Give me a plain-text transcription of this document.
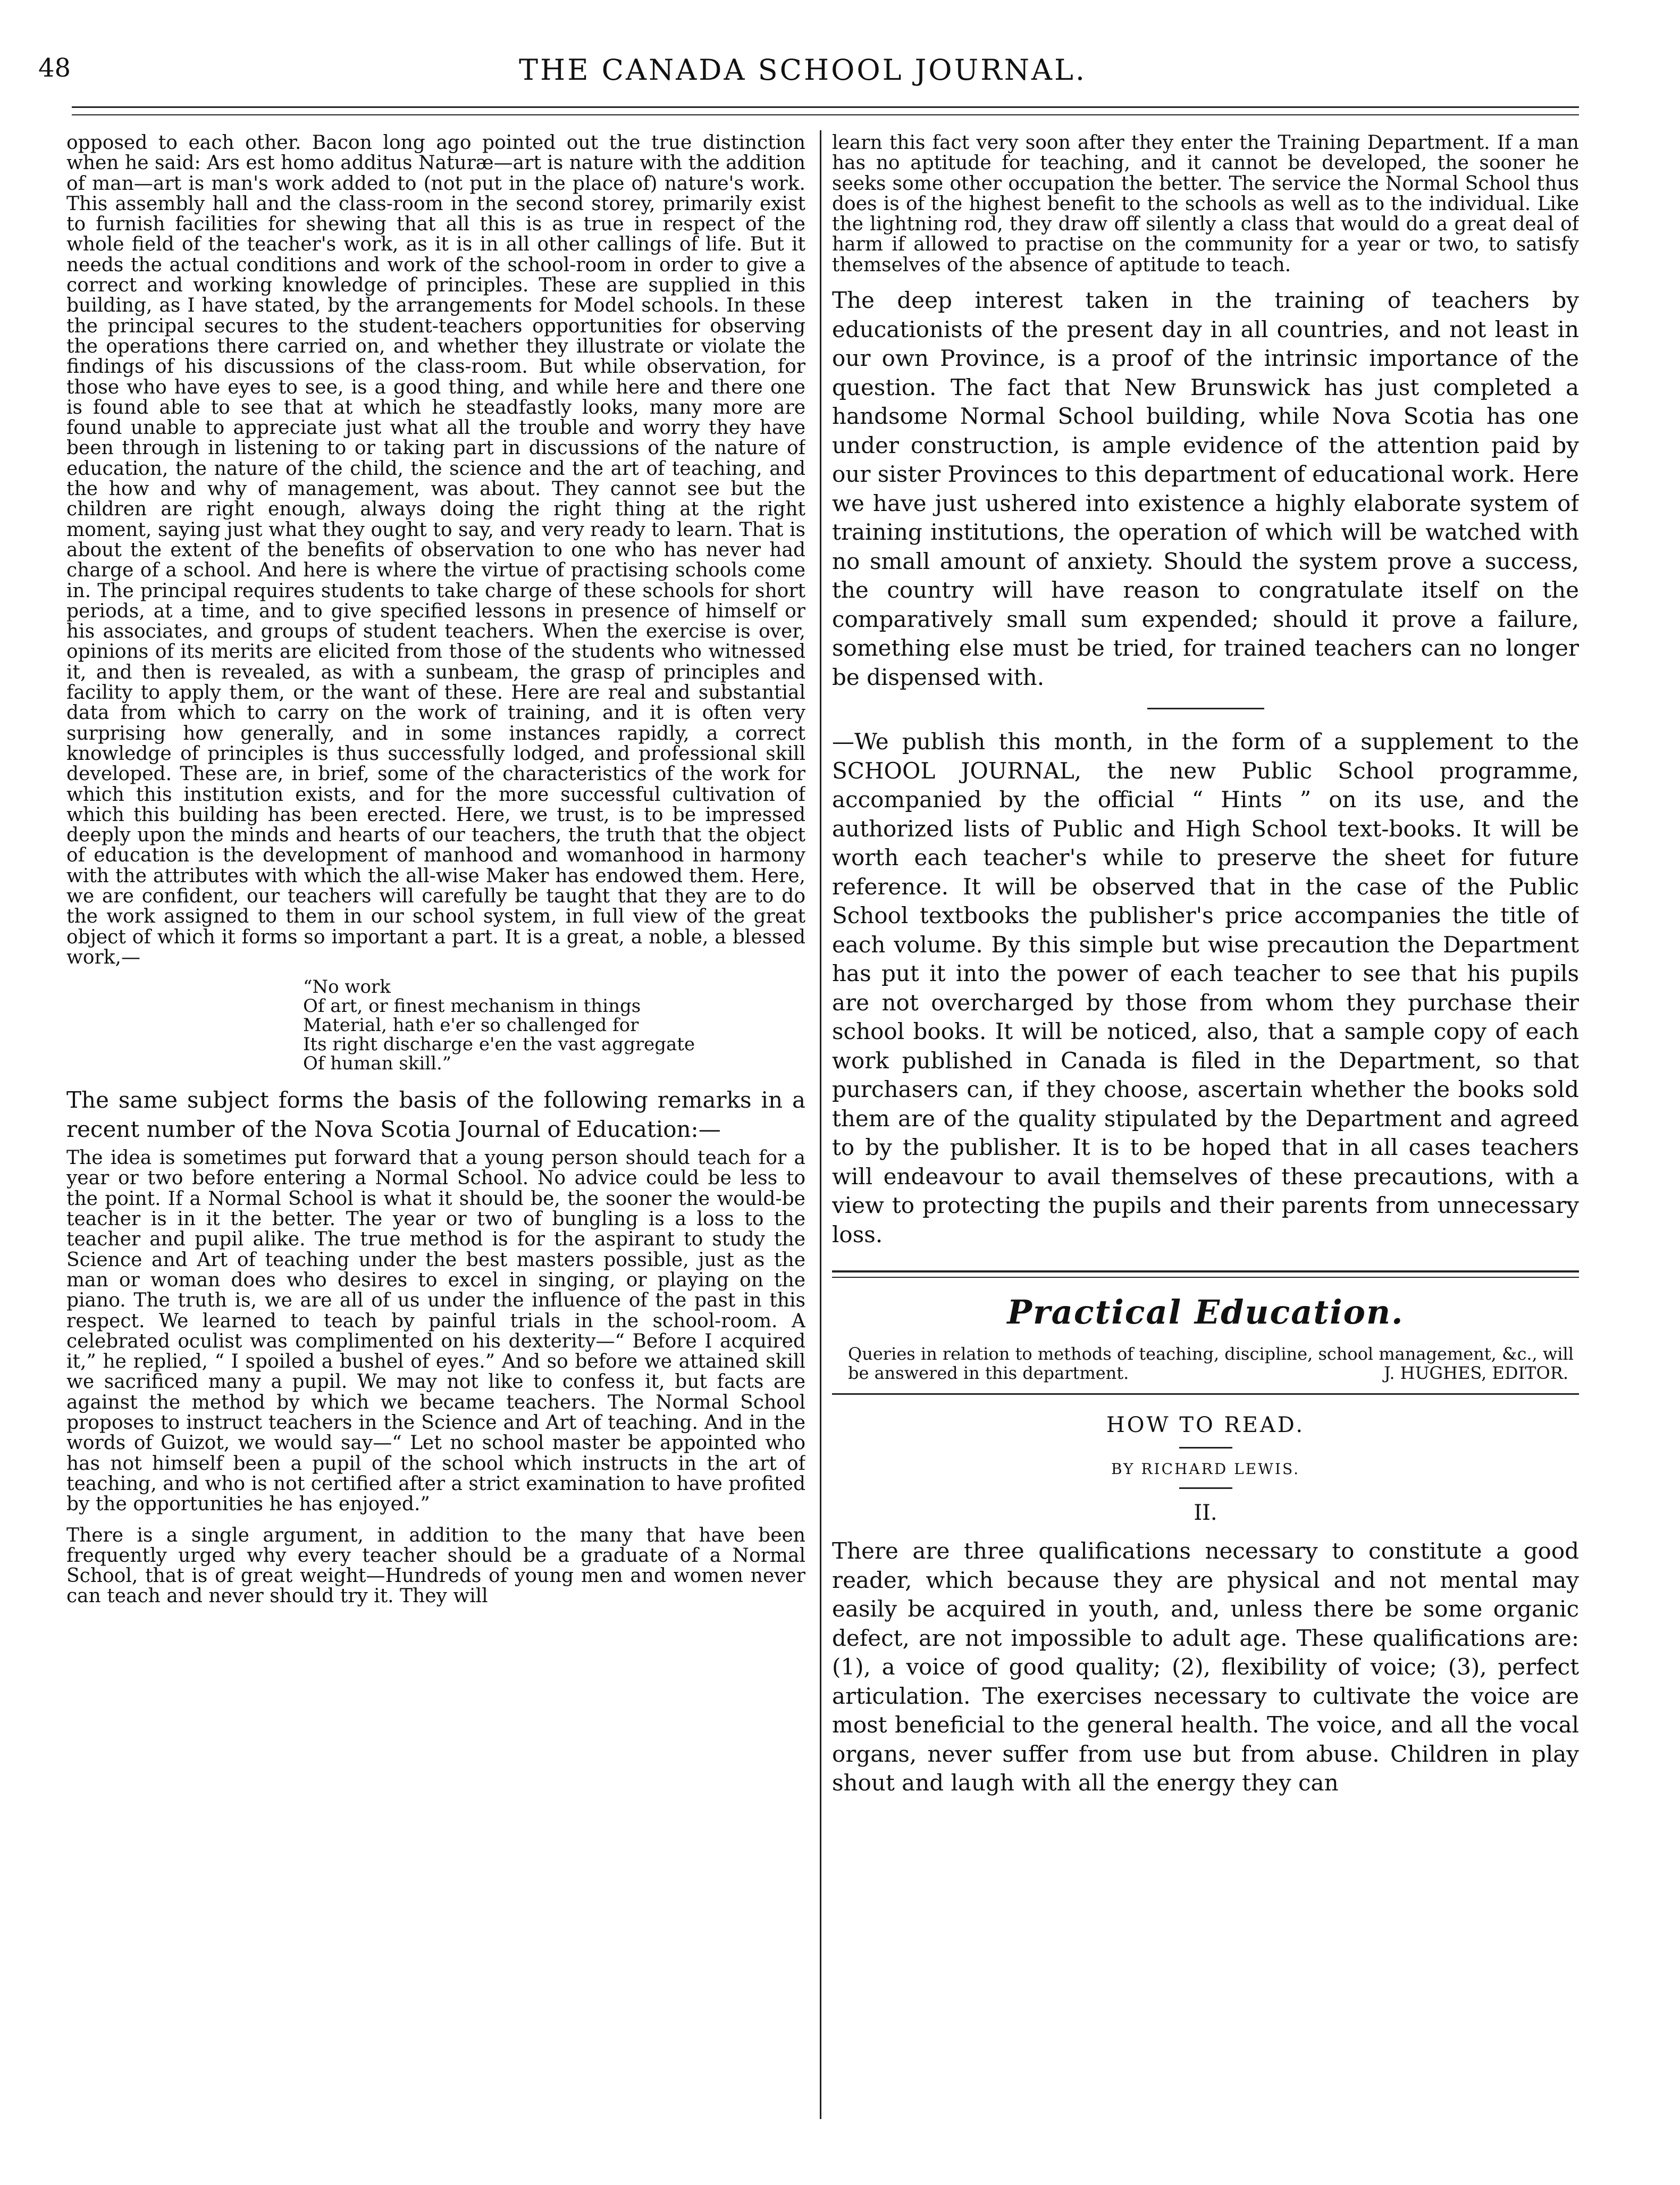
48	THE CANADA SCHOOL JOURNAL.

opposed to each other. Bacon long ago pointed out the true distinction when he said: Ars est homo additus Naturæ—art is nature with the addition of man—art is man's work added to (not put in the place of) nature's work. This assembly hall and the class-room in the second storey, primarily exist to furnish facilities for shewing that all this is as true in respect of the whole field of the teacher's work, as it is in all other callings of life. But it needs the actual conditions and work of the school-room in order to give a correct and working knowledge of principles. These are supplied in this building, as I have stated, by the arrangements for Model schools. In these the principal secures to the student-teachers opportunities for observing the operations there carried on, and whether they illustrate or violate the findings of his discussions of the class-room. But while observation, for those who have eyes to see, is a good thing, and while here and there one is found able to see that at which he steadfastly looks, many more are found unable to appreciate just what all the trouble and worry they have been through in listening to or taking part in discussions of the nature of education, the nature of the child, the science and the art of teaching, and the how and why of management, was about. They cannot see but the children are right enough, always doing the right thing at the right moment, saying just what they ought to say, and very ready to learn. That is about the extent of the benefits of observation to one who has never had charge of a school. And here is where the virtue of practising schools come in. The principal requires students to take charge of these schools for short periods, at a time, and to give specified lessons in presence of himself or his associates, and groups of student teachers. When the exercise is over, opinions of its merits are elicited from those of the students who witnessed it, and then is revealed, as with a sunbeam, the grasp of principles and facility to apply them, or the want of these. Here are real and substantial data from which to carry on the work of training, and it is often very surprising how generally, and in some instances rapidly, a correct knowledge of principles is thus successfully lodged, and professional skill developed. These are, in brief, some of the characteristics of the work for which this institution exists, and for the more successful cultivation of which this building has been erected. Here, we trust, is to be impressed deeply upon the minds and hearts of our teachers, the truth that the object of education is the development of manhood and womanhood in harmony with the attributes with which the all-wise Maker has endowed them. Here, we are confident, our teachers will carefully be taught that they are to do the work assigned to them in our school system, in full view of the great object of which it forms so important a part. It is a great, a noble, a blessed work,—

“No work
Of art, or finest mechanism in things
Material, hath e'er so challenged for
Its right discharge e'en the vast aggregate
Of human skill.”

The same subject forms the basis of the following remarks in a recent number of the Nova Scotia Journal of Education:—

The idea is sometimes put forward that a young person should teach for a year or two before entering a Normal School. No advice could be less to the point. If a Normal School is what it should be, the sooner the would-be teacher is in it the better. The year or two of bungling is a loss to the teacher and pupil alike. The true method is for the aspirant to study the Science and Art of teaching under the best masters possible, just as the man or woman does who desires to excel in singing, or playing on the piano. The truth is, we are all of us under the influence of the past in this respect. We learned to teach by painful trials in the school-room. A celebrated oculist was complimented on his dexterity—“ Before I acquired it,” he replied, “ I spoiled a bushel of eyes.” And so before we attained skill we sacrificed many a pupil. We may not like to confess it, but facts are against the method by which we became teachers. The Normal School proposes to instruct teachers in the Science and Art of teaching. And in the words of Guizot, we would say—“ Let no school master be appointed who has not himself been a pupil of the school which instructs in the art of teaching, and who is not certified after a strict examination to have profited by the opportunities he has enjoyed.”

There is a single argument, in addition to the many that have been frequently urged why every teacher should be a graduate of a Normal School, that is of great weight—Hundreds of young men and women never can teach and never should try it. They will

learn this fact very soon after they enter the Training Department. If a man has no aptitude for teaching, and it cannot be developed, the sooner he seeks some other occupation the better. The service the Normal School thus does is of the highest benefit to the schools as well as to the individual. Like the lightning rod, they draw off silently a class that would do a great deal of harm if allowed to practise on the community for a year or two, to satisfy themselves of the absence of aptitude to teach.

The deep interest taken in the training of teachers by educationists of the present day in all countries, and not least in our own Province, is a proof of the intrinsic importance of the question. The fact that New Brunswick has just completed a handsome Normal School building, while Nova Scotia has one under construction, is ample evidence of the attention paid by our sister Provinces to this department of educational work. Here we have just ushered into existence a highly elaborate system of training institutions, the operation of which will be watched with no small amount of anxiety. Should the system prove a success, the country will have reason to congratulate itself on the comparatively small sum expended; should it prove a failure, something else must be tried, for trained teachers can no longer be dispensed with.

—We publish this month, in the form of a supplement to the SCHOOL JOURNAL, the new Public School programme, accompanied by the official “ Hints ” on its use, and the authorized lists of Public and High School text-books. It will be worth each teacher's while to preserve the sheet for future reference. It will be observed that in the case of the Public School textbooks the publisher's price accompanies the title of each volume. By this simple but wise precaution the Department has put it into the power of each teacher to see that his pupils are not overcharged by those from whom they purchase their school books. It will be noticed, also, that a sample copy of each work published in Canada is filed in the Department, so that purchasers can, if they choose, ascertain whether the books sold them are of the quality stipulated by the Department and agreed to by the publisher. It is to be hoped that in all cases teachers will endeavour to avail themselves of these precautions, with a view to protecting the pupils and their parents from unnecessary loss.

Practical Education.
Queries in relation to methods of teaching, discipline, school management, &c., will be answered in this department.	J. HUGHES, EDITOR.
HOW TO READ.
BY RICHARD LEWIS.
II.

There are three qualifications necessary to constitute a good reader, which because they are physical and not mental may easily be acquired in youth, and, unless there be some organic defect, are not impossible to adult age. These qualifications are: (1), a voice of good quality; (2), flexibility of voice; (3), perfect articulation. The exercises necessary to cultivate the voice are most beneficial to the general health. The voice, and all the vocal organs, never suffer from use but from abuse. Children in play shout and laugh with all the energy they can
